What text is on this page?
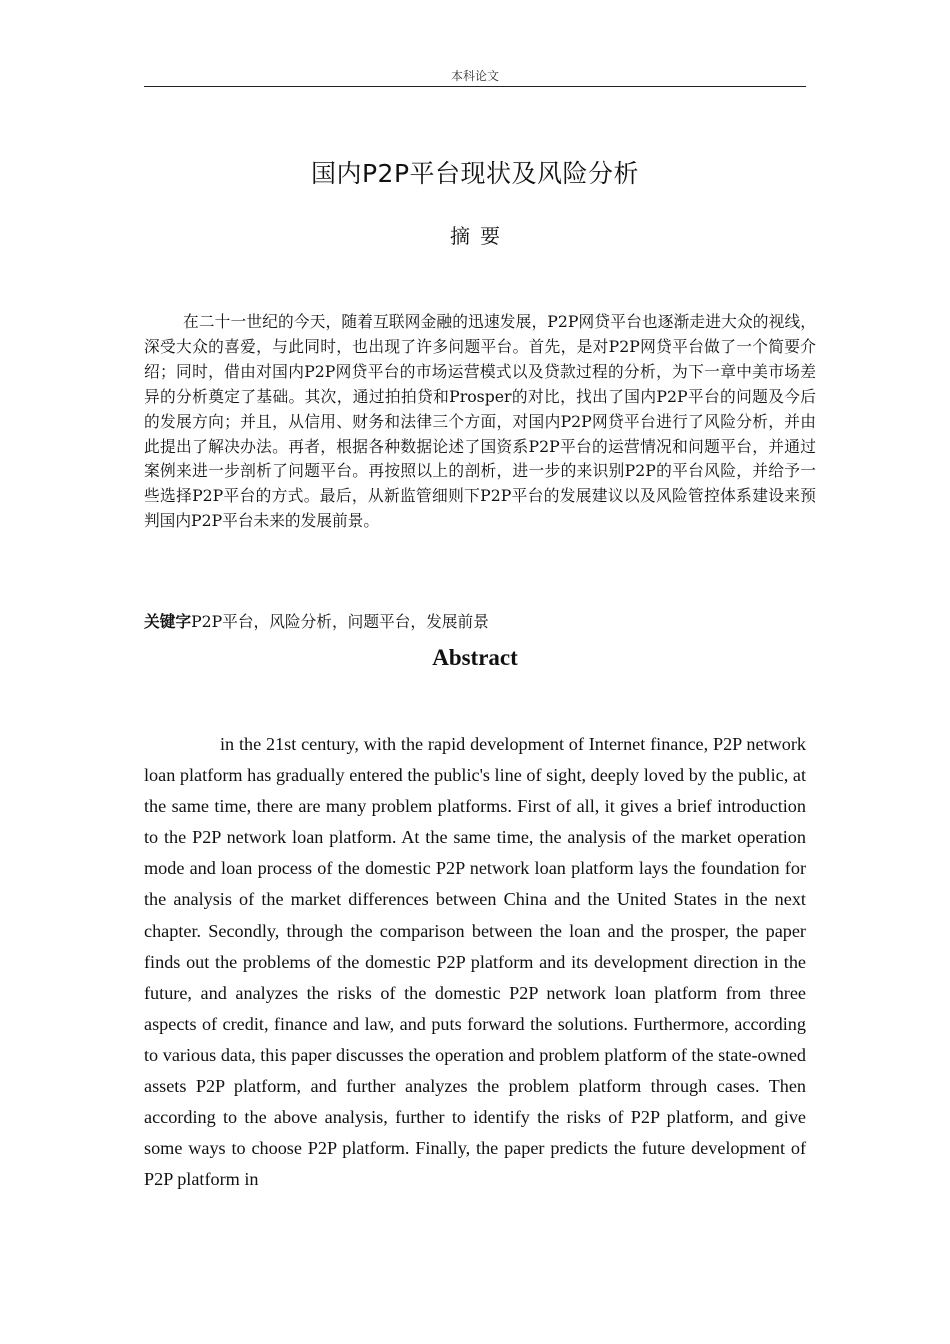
本科论文
国内P2P平台现状及风险分析
摘要

在二十一世纪的今天，随着互联网金融的迅速发展，P2P网贷平台也逐渐走进大众的视线，深受大众的喜爱，与此同时，也出现了许多问题平台。首先，是对P2P网贷平台做了一个简要介绍；同时，借由对国内P2P网贷平台的市场运营模式以及贷款过程的分析，为下一章中美市场差异的分析奠定了基础。其次，通过拍拍贷和Prosper的对比，找出了国内P2P平台的问题及今后的发展方向；并且，从信用、财务和法律三个方面，对国内P2P网贷平台进行了风险分析，并由此提出了解决办法。再者，根据各种数据论述了国资系P2P平台的运营情况和问题平台，并通过案例来进一步剖析了问题平台。再按照以上的剖析，进一步的来识别P2P的平台风险，并给予一些选择P2P平台的方式。最后，从新监管细则下P2P平台的发展建议以及风险管控体系建设来预判国内P2P平台未来的发展前景。

关键字P2P平台，风险分析，问题平台，发展前景

Abstract

in the 21st century, with the rapid development of Internet finance, P2P network loan platform has gradually entered the public's line of sight, deeply loved by the public, at the same time, there are many problem platforms. First of all, it gives a brief introduction to the P2P network loan platform. At the same time, the analysis of the market operation mode and loan process of the domestic P2P network loan platform lays the foundation for the analysis of the market differences between China and the United States in the next chapter. Secondly, through the comparison between the loan and the prosper, the paper finds out the problems of the domestic P2P platform and its development direction in the future, and analyzes the risks of the domestic P2P network loan platform from three aspects of credit, finance and law, and puts forward the solutions. Furthermore, according to various data, this paper discusses the operation and problem platform of the state-owned assets P2P platform, and further analyzes the problem platform through cases. Then according to the above analysis, further to identify the risks of P2P platform, and give some ways to choose P2P platform. Finally, the paper predicts the future development of P2P platform in
